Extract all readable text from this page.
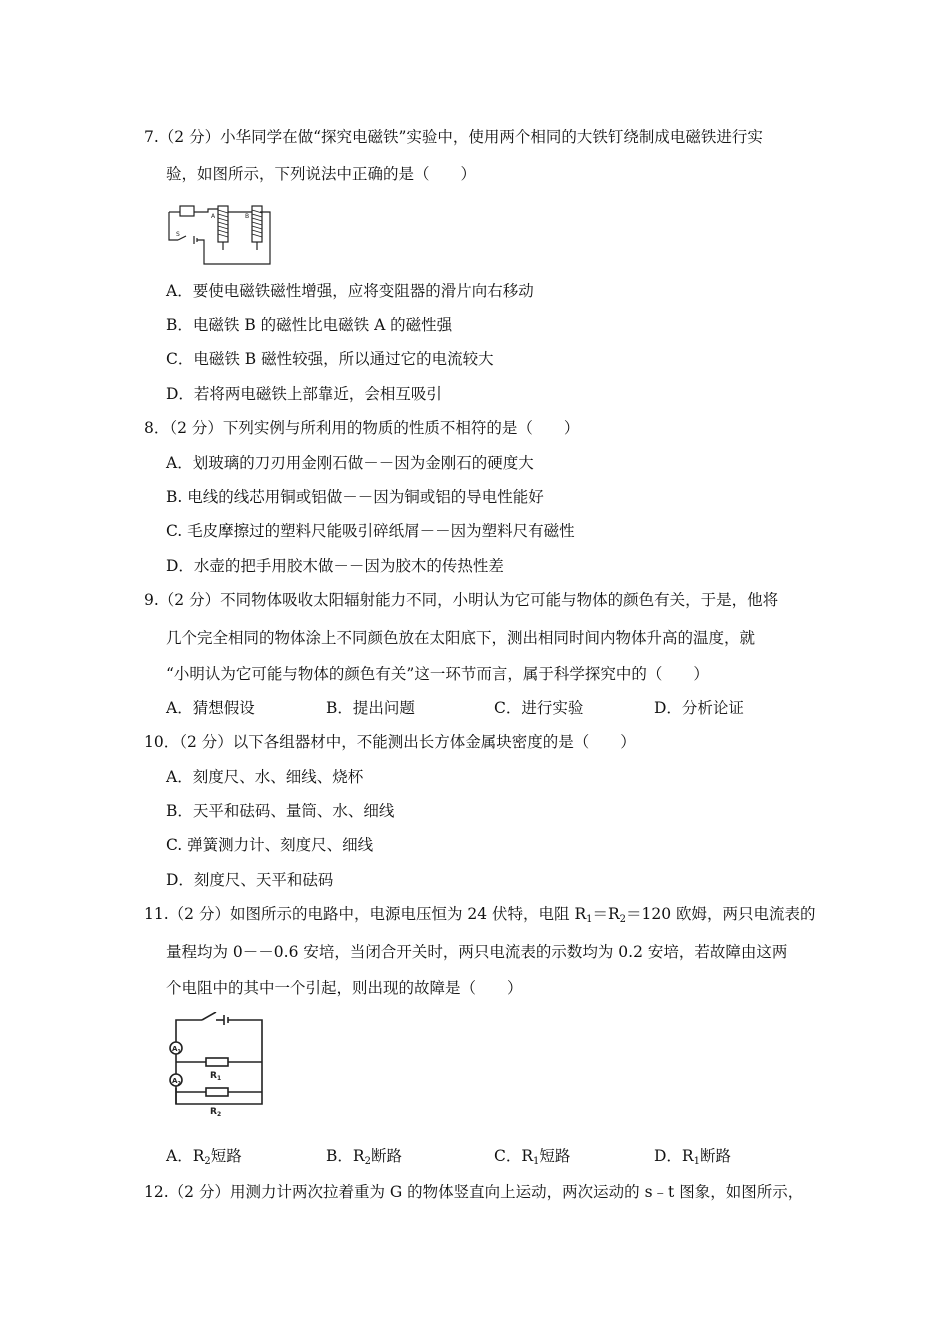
7.（2 分）小华同学在做“探究电磁铁”实验中，使用两个相同的大铁钉绕制成电磁铁进行实
验，如图所示，下列说法中正确的是（　　）
A	B
S
A．要使电磁铁磁性增强，应将变阻器的滑片向右移动
B．电磁铁 B 的磁性比电磁铁 A 的磁性强
C．电磁铁 B 磁性较强，所以通过它的电流较大
D．若将两电磁铁上部靠近，会相互吸引
8．（2 分）下列实例与所利用的物质的性质不相符的是（　　）
A．划玻璃的刀刃用金刚石做－－因为金刚石的硬度大
B. 电线的线芯用铜或铝做－－因为铜或铝的导电性能好
C. 毛皮摩擦过的塑料尺能吸引碎纸屑－－因为塑料尺有磁性
D．水壶的把手用胶木做－－因为胶木的传热性差
9.（2 分）不同物体吸收太阳辐射能力不同，小明认为它可能与物体的颜色有关，于是，他将
几个完全相同的物体涂上不同颜色放在太阳底下，测出相同时间内物体升高的温度，就
“小明认为它可能与物体的颜色有关”这一环节而言，属于科学探究中的（　　）
A．猜想假设	B．提出问题	C．进行实验	D．分析论证
10．（2 分）以下各组器材中，不能测出长方体金属块密度的是（　　）
A．刻度尺、水、细线、烧杯
B．天平和砝码、量筒、水、细线
C. 弹簧测力计、刻度尺、细线
D．刻度尺、天平和砝码
11.（2 分）如图所示的电路中，电源电压恒为 24 伏特，电阻 $R_1=R_2=120$ 欧姆，两只电流表的
量程均为 0－－0.6 安培，当闭合开关时，两只电流表的示数均为 0.2 安培，若故障由这两
个电阻中的其中一个引起，则出现的故障是（　　）
$A_1$
$A_2$
$R_1$
$R_2$
A．$R_2$短路	B．$R_2$断路	C．$R_1$短路	D．$R_1$断路
12.（2 分）用测力计两次拉着重为 G 的物体竖直向上运动，两次运动的 s﹣t 图象，如图所示，
